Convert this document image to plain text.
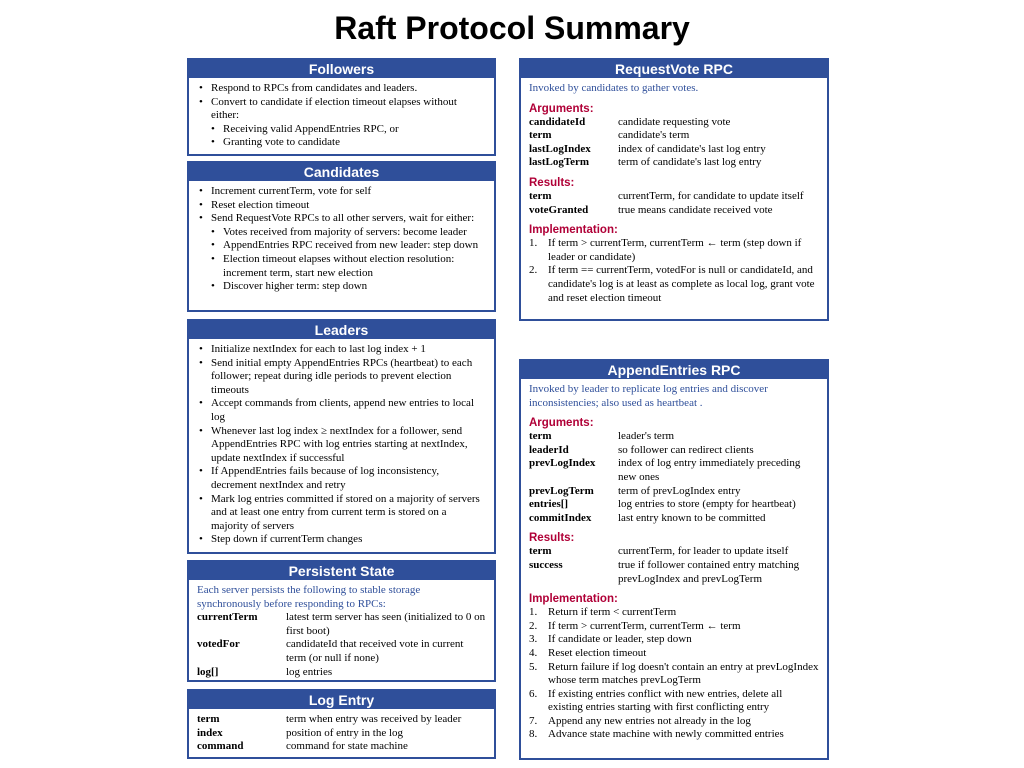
Raft Protocol Summary
Followers
• Respond to RPCs from candidates and leaders.
• Convert to candidate if election timeout elapses without either:
• Receiving valid AppendEntries RPC, or
• Granting vote to candidate
Candidates
• Increment currentTerm, vote for self
• Reset election timeout
• Send RequestVote RPCs to all other servers, wait for either:
• Votes received from majority of servers: become leader
• AppendEntries RPC received from new leader: step down
• Election timeout elapses without election resolution: increment term, start new election
• Discover higher term: step down
Leaders
• Initialize nextIndex for each to last log index + 1
• Send initial empty AppendEntries RPCs (heartbeat) to each follower; repeat during idle periods to prevent election timeouts
• Accept commands from clients, append new entries to local log
• Whenever last log index ≥ nextIndex for a follower, send AppendEntries RPC with log entries starting at nextIndex, update nextIndex if successful
• If AppendEntries fails because of log inconsistency, decrement nextIndex and retry
• Mark log entries committed if stored on a majority of servers and at least one entry from current term is stored on a majority of servers
• Step down if currentTerm changes
Persistent State
Each server persists the following to stable storage synchronously before responding to RPCs:
currentTerm	latest term server has seen (initialized to 0 on first boot)
votedFor	candidateId that received vote in current term (or null if none)
log[]	log entries
Log Entry
term	term when entry was received by leader
index	position of entry in the log
command	command for state machine
RequestVote RPC
Invoked by candidates to gather votes.
Arguments:
candidateId	candidate requesting vote
term	candidate's term
lastLogIndex	index of candidate's last log entry
lastLogTerm	term of candidate's last log entry
Results:
term	currentTerm, for candidate to update itself
voteGranted	true means candidate received vote
Implementation:
1. If term > currentTerm, currentTerm ← term (step down if leader or candidate)
2. If term == currentTerm, votedFor is null or candidateId, and candidate's log is at least as complete as local log, grant vote and reset election timeout
AppendEntries RPC
Invoked by leader to replicate log entries and discover inconsistencies; also used as heartbeat .
Arguments:
term	leader's term
leaderId	so follower can redirect clients
prevLogIndex	index of log entry immediately preceding new ones
prevLogTerm	term of prevLogIndex entry
entries[]	log entries to store (empty for heartbeat)
commitIndex	last entry known to be committed
Results:
term	currentTerm, for leader to update itself
success	true if follower contained entry matching prevLogIndex and prevLogTerm
Implementation:
1. Return if term < currentTerm
2. If term > currentTerm, currentTerm ← term
3. If candidate or leader, step down
4. Reset election timeout
5. Return failure if log doesn't contain an entry at prevLogIndex whose term matches prevLogTerm
6. If existing entries conflict with new entries, delete all existing entries starting with first conflicting entry
7. Append any new entries not already in the log
8. Advance state machine with newly committed entries
